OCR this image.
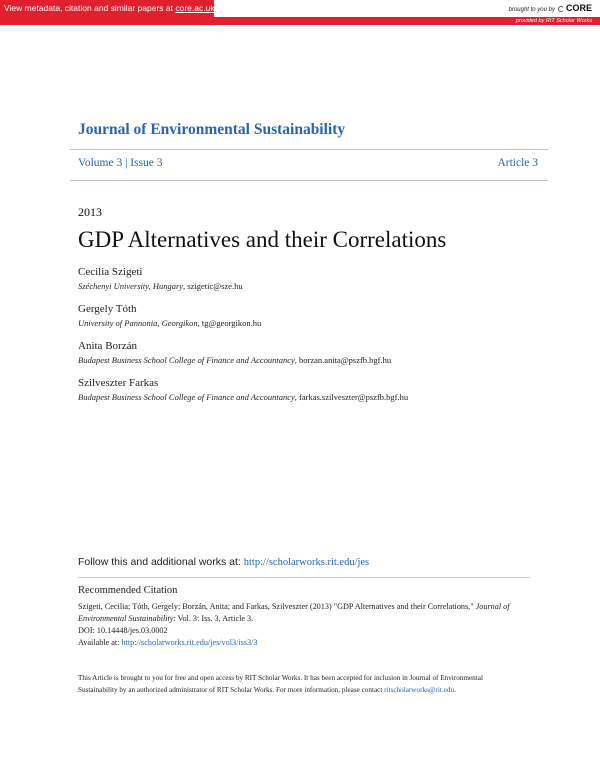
View metadata, citation and similar papers at core.ac.uk	brought to you by CORE
provided by RIT Scholar Works
Journal of Environmental Sustainability
Volume 3 | Issue 3	Article 3
2013
GDP Alternatives and their Correlations
Cecilia Szigeti
Széchenyi University, Hungary, szigetic@sze.hu
Gergely Tóth
University of Pannonia, Georgikon, tg@georgikon.hu
Anita Borzán
Budapest Business School College of Finance and Accountancy, borzan.anita@pszfb.bgf.hu
Szilveszter Farkas
Budapest Business School College of Finance and Accountancy, farkas.szilveszter@pszfb.bgf.hu
Follow this and additional works at: http://scholarworks.rit.edu/jes
Recommended Citation
Szigeti, Cecilia; Tóth, Gergely; Borzán, Anita; and Farkas, Szilveszter (2013) "GDP Alternatives and their Correlations," Journal of
Environmental Sustainability: Vol. 3: Iss. 3, Article 3.
DOI: 10.14448/jes.03.0002
Available at: http://scholarworks.rit.edu/jes/vol3/iss3/3
This Article is brought to you for free and open access by RIT Scholar Works. It has been accepted for inclusion in Journal of Environmental
Sustainability by an authorized administrator of RIT Scholar Works. For more information, please contact ritscholarworks@rit.edu.
